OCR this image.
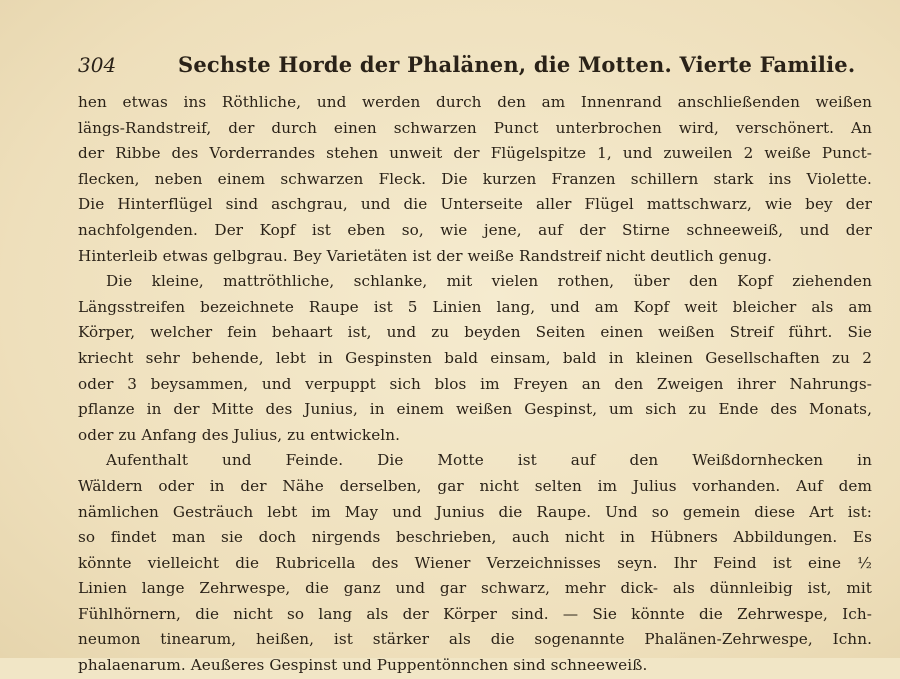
304	Sechste Horde der Phalänen, die Motten. Vierte Familie.
hen etwas ins Röthliche, und werden durch den am Innenrand anschließenden weißen
längs-Randstreif, der durch einen schwarzen Punct unterbrochen wird, verschönert. An
der Ribbe des Vorderrandes stehen unweit der Flügelspitze 1, und zuweilen 2 weiße Punct-
flecken, neben einem schwarzen Fleck. Die kurzen Franzen schillern stark ins Violette.
Die Hinterflügel sind aschgrau, und die Unterseite aller Flügel mattschwarz, wie bey der
nachfolgenden. Der Kopf ist eben so, wie jene, auf der Stirne schneeweiß, und der
Hinterleib etwas gelbgrau. Bey Varietäten ist der weiße Randstreif nicht deutlich genug.
Die kleine, mattröthliche, schlanke, mit vielen rothen, über den Kopf ziehenden
Längsstreifen bezeichnete Raupe ist 5 Linien lang, und am Kopf weit bleicher als am
Körper, welcher fein behaart ist, und zu beyden Seiten einen weißen Streif führt. Sie
kriecht sehr behende, lebt in Gespinsten bald einsam, bald in kleinen Gesellschaften zu 2
oder 3 beysammen, und verpuppt sich blos im Freyen an den Zweigen ihrer Nahrungs-
pflanze in der Mitte des Junius, in einem weißen Gespinst, um sich zu Ende des Monats,
oder zu Anfang des Julius, zu entwickeln.
Aufenthalt und Feinde. Die Motte ist auf den Weißdornhecken in
Wäldern oder in der Nähe derselben, gar nicht selten im Julius vorhanden. Auf dem
nämlichen Gesträuch lebt im May und Junius die Raupe. Und so gemein diese Art ist:
so findet man sie doch nirgends beschrieben, auch nicht in Hübners Abbildungen. Es
könnte vielleicht die Rubricella des Wiener Verzeichnisses seyn. Ihr Feind ist eine ½
Linien lange Zehrwespe, die ganz und gar schwarz, mehr dick- als dünnleibig ist, mit
Fühlhörnern, die nicht so lang als der Körper sind. — Sie könnte die Zehrwespe, Ich-
neumon tinearum, heißen, ist stärker als die sogenannte Phalänen-Zehrwespe, Ichn.
phalaenarum. Aeußeres Gespinst und Puppentönnchen sind schneeweiß.
